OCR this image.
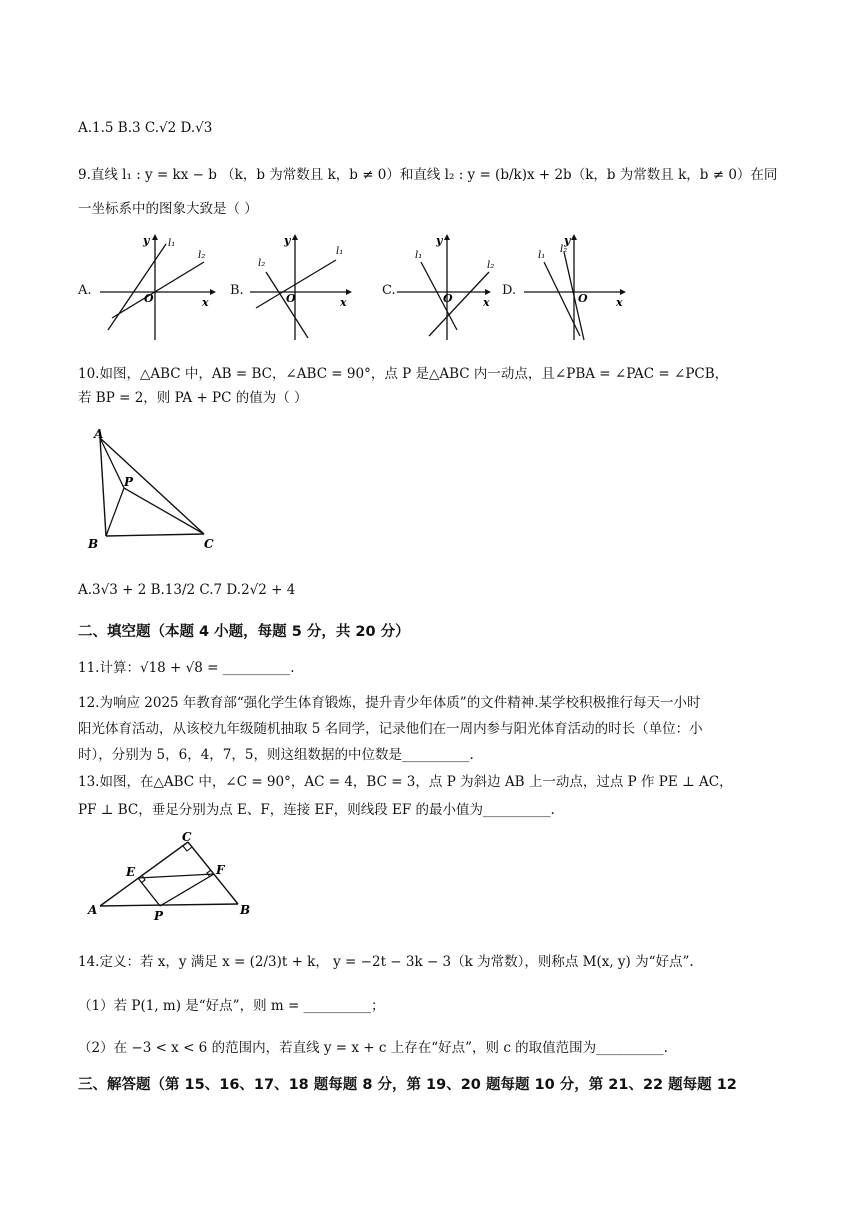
A.1.5 B.3 C.√2 D.√3
9.直线 l₁ : y = kx − b （k，b 为常数且 k，b ≠ 0）和直线 l₂ : y = (b/k)x + 2b（k，b 为常数且 k，b ≠ 0）在同
一坐标系中的图象大致是（ ）
A.	B.	C.	D.
O	x
y l₁
l₂
O	x
y
l₂
l₁
O	x
y
l₁
l₂
O	x
y
l₁
l₂
10.如图，△ABC 中，AB = BC，∠ABC = 90°，点 P 是△ABC 内一动点，且∠PBA = ∠PAC = ∠PCB，
若 BP = 2，则 PA + PC 的值为（ ）
A
B	C
P
A.3√3 + 2 B.13/2 C.7 D.2√2 + 4
二、填空题（本题 4 小题，每题 5 分，共 20 分）
11.计算：√18 + √8 = __________.
12.为响应 2025 年教育部“强化学生体育锻炼，提升青少年体质”的文件精神.某学校积极推行每天一小时
阳光体育活动，从该校九年级随机抽取 5 名同学，记录他们在一周内参与阳光体育活动的时长（单位：小
时），分别为 5，6，4，7，5，则这组数据的中位数是__________.
13.如图，在△ABC 中，∠C = 90°，AC = 4，BC = 3，点 P 为斜边 AB 上一动点，过点 P 作 PE ⊥ AC，
PF ⊥ BC，垂足分别为点 E、F，连接 EF，则线段 EF 的最小值为__________.
C
E	F
A	P	B
14.定义：若 x，y 满足 x = (2/3)t + k， y = −2t − 3k − 3（k 为常数），则称点 M(x, y) 为“好点”.
（1）若 P(1, m) 是“好点”，则 m = __________；
（2）在 −3 < x < 6 的范围内，若直线 y = x + c 上存在“好点”，则 c 的取值范围为__________.
三、解答题（第 15、16、17、18 题每题 8 分，第 19、20 题每题 10 分，第 21、22 题每题 12
